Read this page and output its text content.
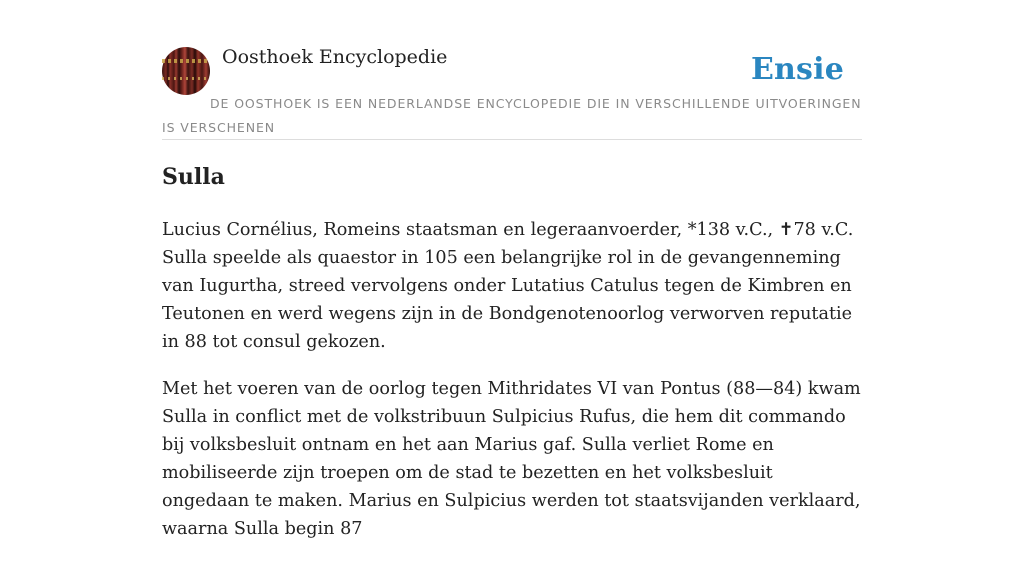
Oosthoek Encyclopedie	Ensie
DE OOSTHOEK IS EEN NEDERLANDSE ENCYCLOPEDIE DIE IN VERSCHILLENDE UITVOERINGEN IS VERSCHENEN
Sulla

Lucius Cornélius, Romeins staatsman en legeraanvoerder, *138 v.C., ✝78 v.C. Sulla speelde als quaestor in 105 een belangrijke rol in de gevangenneming van Iugurtha, streed vervolgens onder Lutatius Catulus tegen de Kimbren en Teutonen en werd wegens zijn in de Bondgenotenoorlog verworven reputatie in 88 tot consul gekozen.

Met het voeren van de oorlog tegen Mithridates VI van Pontus (88—84) kwam Sulla in conflict met de volkstribuun Sulpicius Rufus, die hem dit commando bij volksbesluit ontnam en het aan Marius gaf. Sulla verliet Rome en mobiliseerde zijn troepen om de stad te bezetten en het volksbesluit ongedaan te maken. Marius en Sulpicius werden tot staatsvijanden verklaard, waarna Sulla begin 87
